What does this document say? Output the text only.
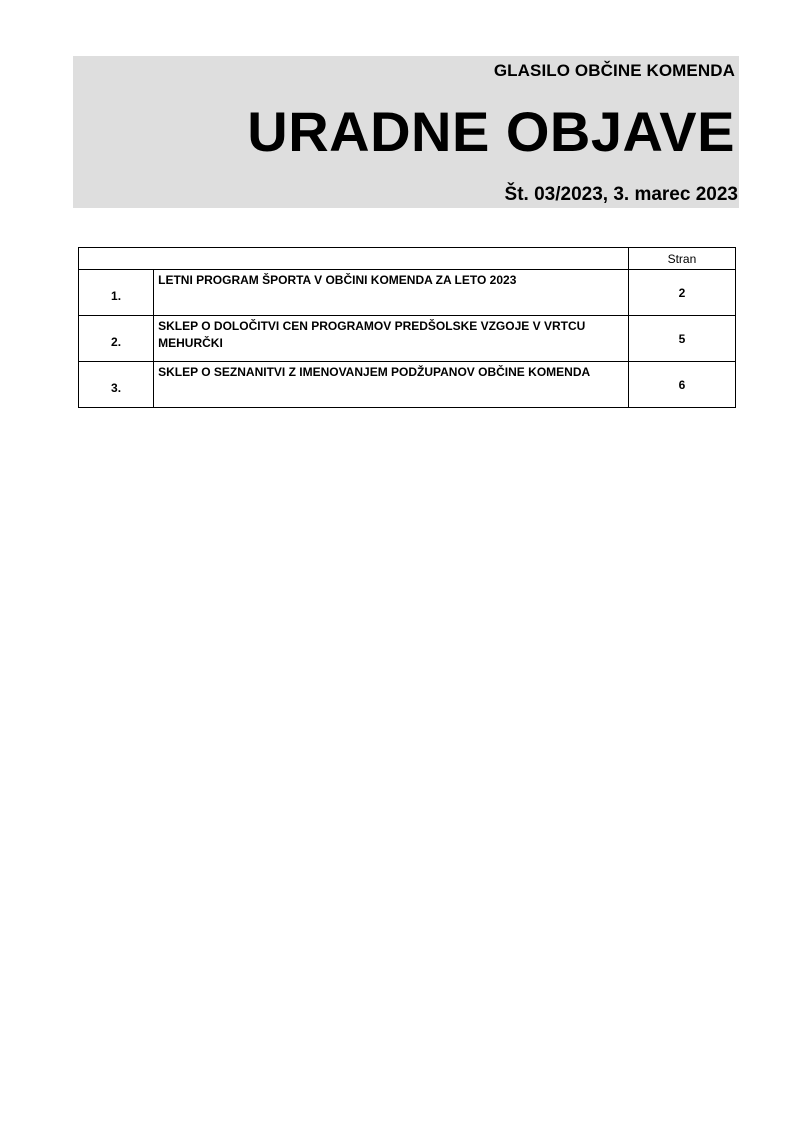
GLASILO OBČINE KOMENDA
URADNE OBJAVE
Št. 03/2023, 3. marec 2023
		Stran
1.	LETNI PROGRAM ŠPORTA V OBČINI KOMENDA ZA LETO 2023	2
2.	SKLEP O DOLOČITVI CEN PROGRAMOV PREDŠOLSKE VZGOJE V VRTCU MEHURČKI	5
3.	SKLEP O SEZNANITVI Z IMENOVANJEM PODŽUPANOV OBČINE KOMENDA	6
